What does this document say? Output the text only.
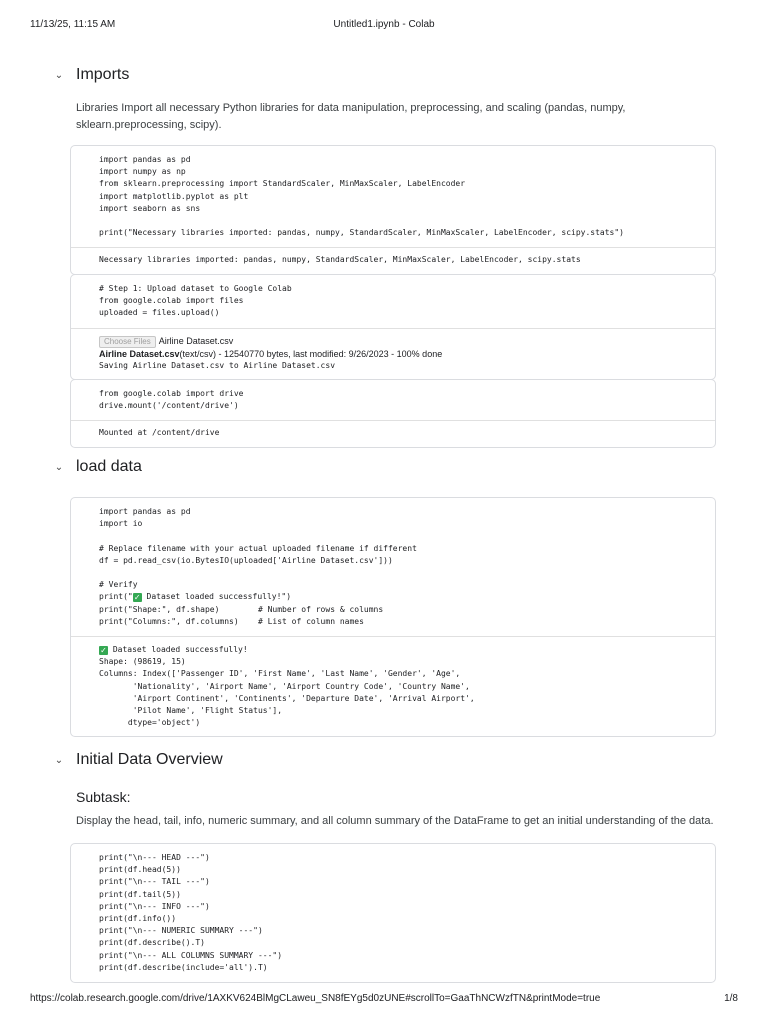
11/13/25, 11:15 AM	Untitled1.ipynb - Colab
⌄ Imports
Libraries Import all necessary Python libraries for data manipulation, preprocessing, and scaling (pandas, numpy, sklearn.preprocessing, scipy).
import pandas as pd
import numpy as np
from sklearn.preprocessing import StandardScaler, MinMaxScaler, LabelEncoder
import matplotlib.pyplot as plt
import seaborn as sns
print("Necessary libraries imported: pandas, numpy, StandardScaler, MinMaxScaler, LabelEncoder, scipy.stats")
Necessary libraries imported: pandas, numpy, StandardScaler, MinMaxScaler, LabelEncoder, scipy.stats
# Step 1: Upload dataset to Google Colab
from google.colab import files
uploaded = files.upload()
Choose Files Airline Dataset.csv
Airline Dataset.csv(text/csv) - 12540770 bytes, last modified: 9/26/2023 - 100% done
Saving Airline Dataset.csv to Airline Dataset.csv
from google.colab import drive
drive.mount('/content/drive')
Mounted at /content/drive
⌄ load data
import pandas as pd
import io
# Replace filename with your actual uploaded filename if different
df = pd.read_csv(io.BytesIO(uploaded['Airline Dataset.csv']))
# Verify
print("✓ Dataset loaded successfully!")
print("Shape:", df.shape)        # Number of rows & columns
print("Columns:", df.columns)    # List of column names
✓ Dataset loaded successfully!
Shape: (98619, 15)
Columns: Index(['Passenger ID', 'First Name', 'Last Name', 'Gender', 'Age',
'Nationality', 'Airport Name', 'Airport Country Code', 'Country Name',
'Airport Continent', 'Continents', 'Departure Date', 'Arrival Airport',
'Pilot Name', 'Flight Status'],
dtype='object')
⌄ Initial Data Overview
Subtask:
Display the head, tail, info, numeric summary, and all column summary of the DataFrame to get an initial understanding of the data.
print("\n--- HEAD ---")
print(df.head(5))
print("\n--- TAIL ---")
print(df.tail(5))
print("\n--- INFO ---")
print(df.info())
print("\n--- NUMERIC SUMMARY ---")
print(df.describe().T)
print("\n--- ALL COLUMNS SUMMARY ---")
print(df.describe(include='all').T)
https://colab.research.google.com/drive/1AXKV624BlMgCLaweu_SN8fEYg5d0zUNE#scrollTo=GaaThNCWzfTN&printMode=true	1/8
